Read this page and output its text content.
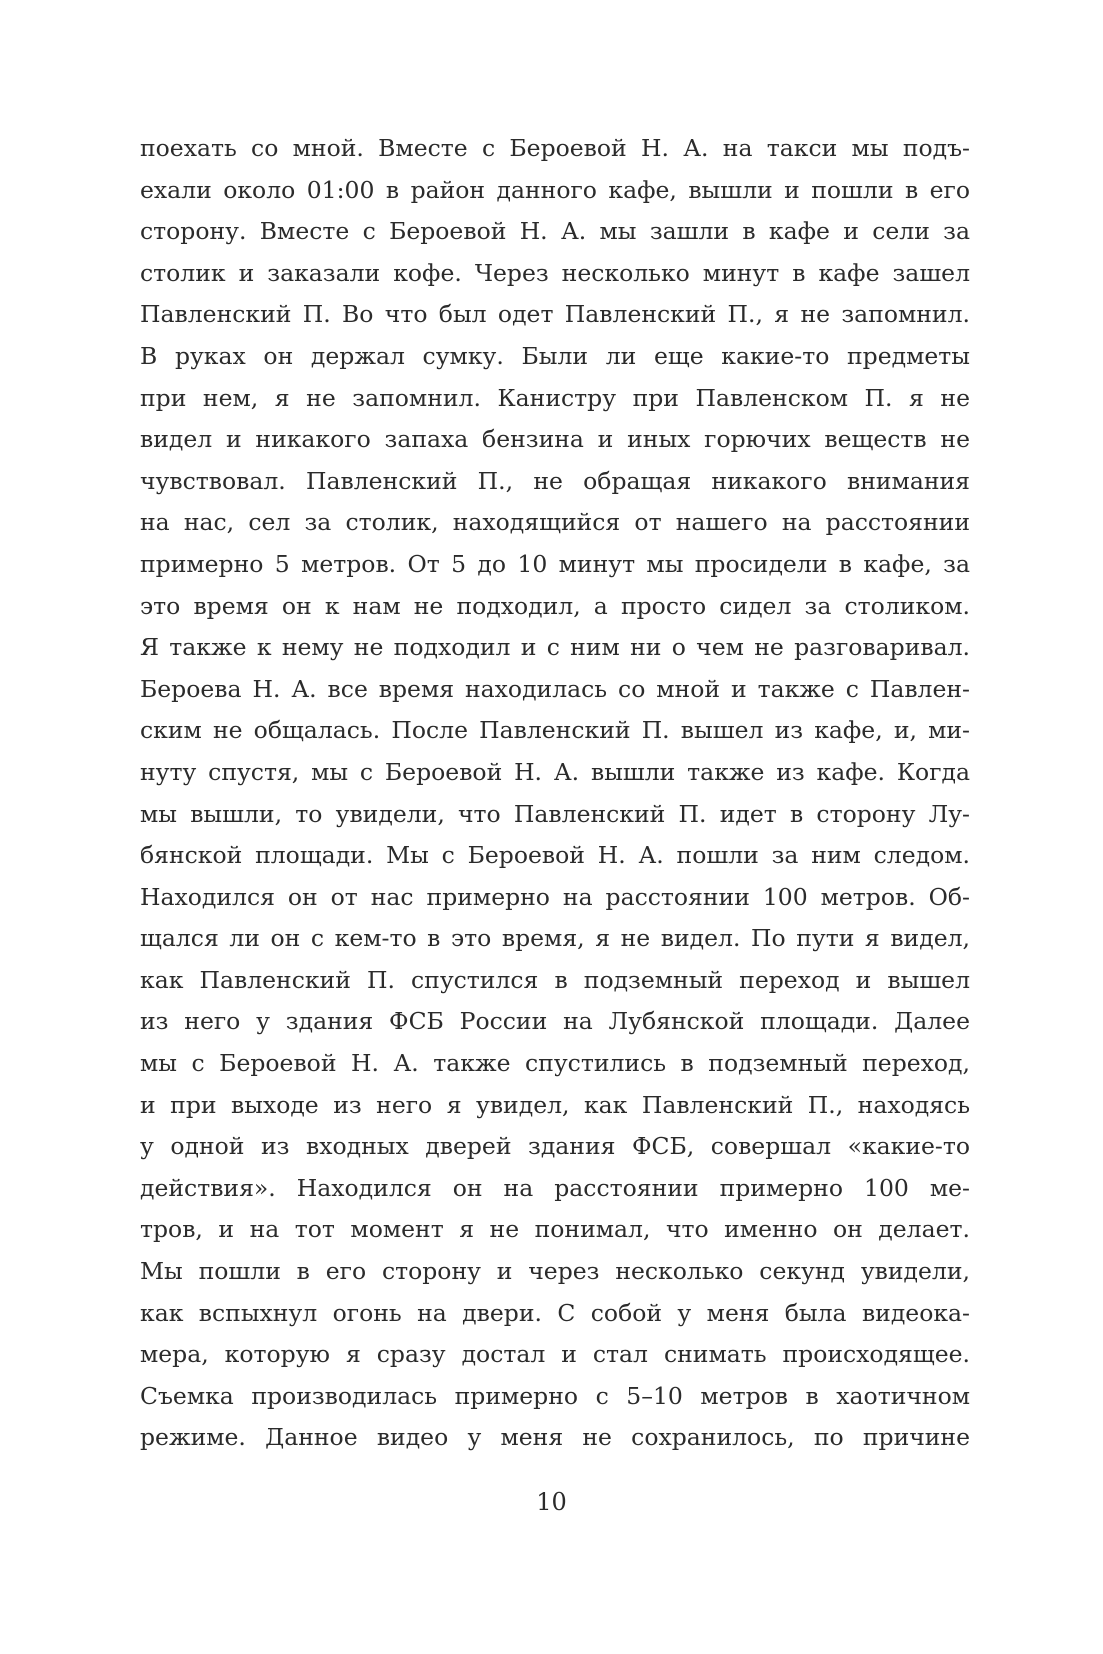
поехать со мной. Вместе с Бероевой Н. А. на такси мы подъ-
ехали около 01:00 в район данного кафе, вышли и пошли в его
сторону. Вместе с Бероевой Н. А. мы зашли в кафе и сели за
столик и заказали кофе. Через несколько минут в кафе зашел
Павленский П. Во что был одет Павленский П., я не запомнил.
В руках он держал сумку. Были ли еще какие-то предметы
при нем, я не запомнил. Канистру при Павленском П. я не
видел и никакого запаха бензина и иных горючих веществ не
чувствовал. Павленский П., не обращая никакого внимания
на нас, сел за столик, находящийся от нашего на расстоянии
примерно 5 метров. От 5 до 10 минут мы просидели в кафе, за
это время он к нам не подходил, а просто сидел за столиком.
Я также к нему не подходил и с ним ни о чем не разговаривал.
Бероева Н. А. все время находилась со мной и также с Павлен-
ским не общалась. После Павленский П. вышел из кафе, и, ми-
нуту спустя, мы с Бероевой Н. А. вышли также из кафе. Когда
мы вышли, то увидели, что Павленский П. идет в сторону Лу-
бянской площади. Мы с Бероевой Н. А. пошли за ним следом.
Находился он от нас примерно на расстоянии 100 метров. Об-
щался ли он с кем-то в это время, я не видел. По пути я видел,
как Павленский П. спустился в подземный переход и вышел
из него у здания ФСБ России на Лубянской площади. Далее
мы с Бероевой Н. А. также спустились в подземный переход,
и при выходе из него я увидел, как Павленский П., находясь
у одной из входных дверей здания ФСБ, совершал «какие-то
действия». Находился он на расстоянии примерно 100 ме-
тров, и на тот момент я не понимал, что именно он делает.
Мы пошли в его сторону и через несколько секунд увидели,
как вспыхнул огонь на двери. С собой у меня была видеока-
мера, которую я сразу достал и стал снимать происходящее.
Съемка производилась примерно с 5–10 метров в хаотичном
режиме. Данное видео у меня не сохранилось, по причине
10
